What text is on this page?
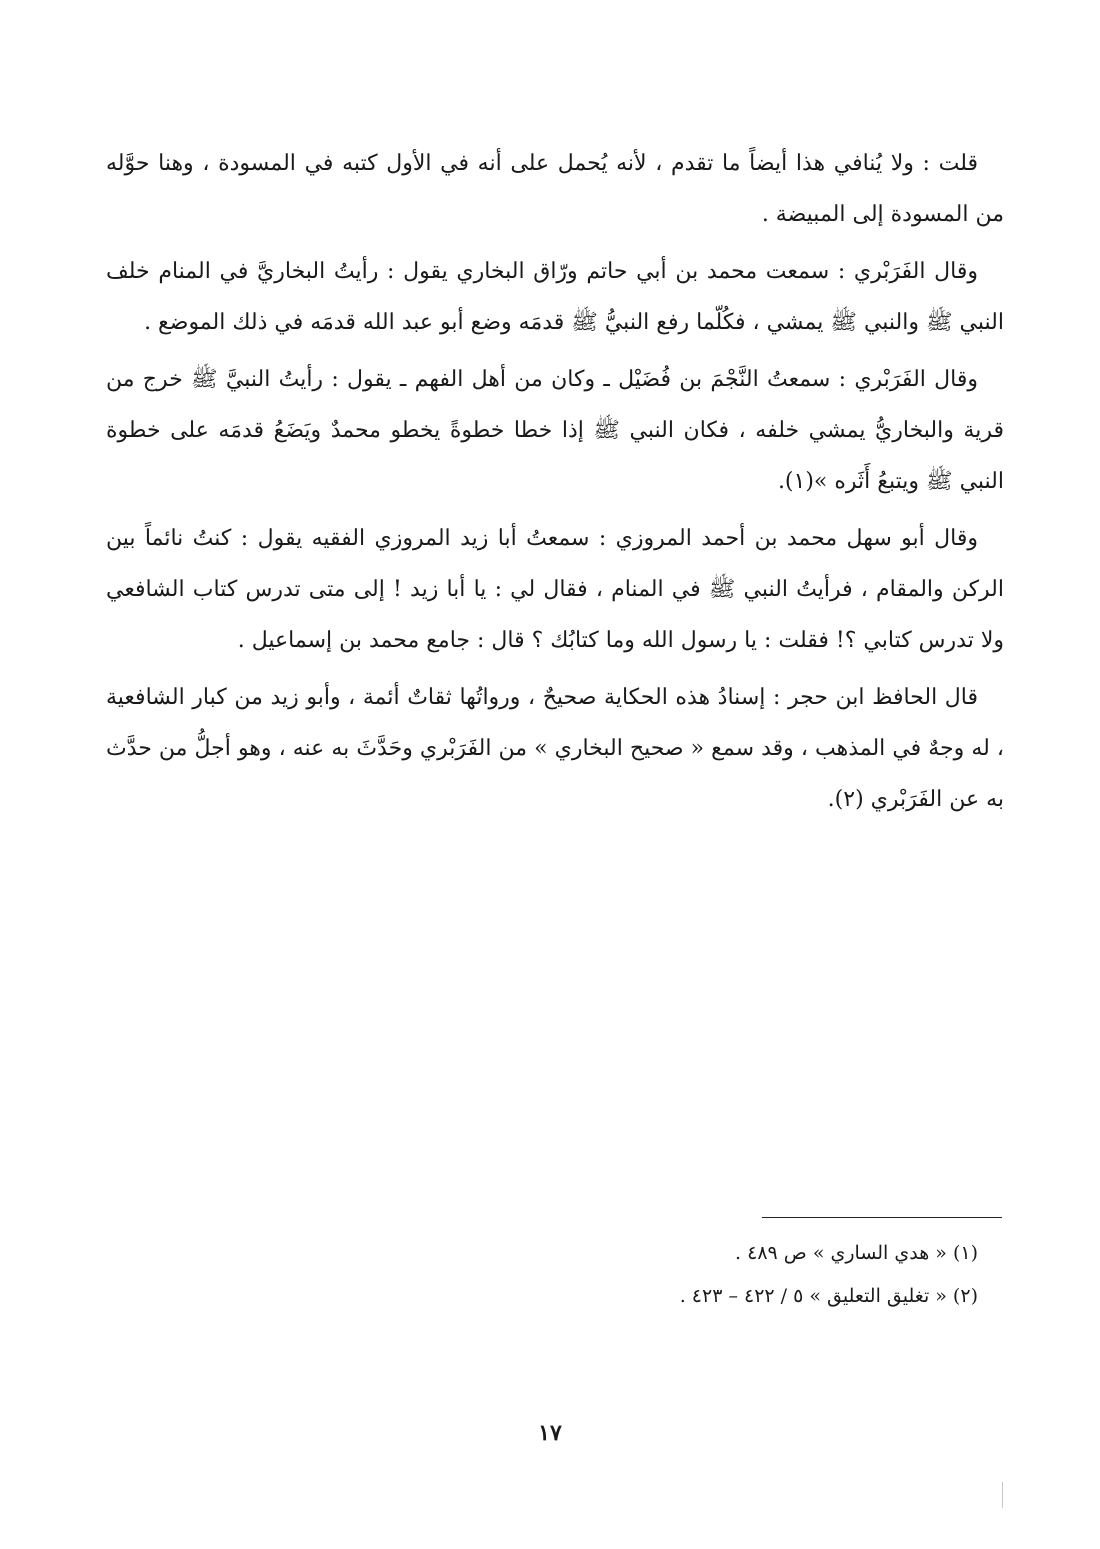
قلت : ولا يُنافي هذا أيضاً ما تقدم ، لأنه يُحمل على أنه في الأول كتبه في المسودة ، وهنا حوَّله من المسودة إلى المبيضة .

وقال الفَرَبْري : سمعت محمد بن أبي حاتم ورّاق البخاري يقول : رأيتُ البخاريَّ في المنام خلف النبي ﷺ والنبي ﷺ يمشي ، فكُلّما رفع النبيُّ ﷺ قدمَه وضع أبو عبد الله قدمَه في ذلك الموضع .

وقال الفَرَبْري : سمعتُ النَّجْمَ بن فُضَيْل ـ وكان من أهل الفهم ـ يقول : رأيتُ النبيَّ ﷺ خرج من قرية والبخاريُّ يمشي خلفه ، فكان النبي ﷺ إذا خطا خطوةً يخطو محمدٌ ويَضَعُ قدمَه على خطوة النبي ﷺ ويتبعُ أَثَره »(١).

وقال أبو سهل محمد بن أحمد المروزي : سمعتُ أبا زيد المروزي الفقيه يقول : كنتُ نائماً بين الركن والمقام ، فرأيتُ النبي ﷺ في المنام ، فقال لي : يا أبا زيد ! إلى متى تدرس كتاب الشافعي ولا تدرس كتابي ؟! فقلت : يا رسول الله وما كتابُك ؟ قال : جامع محمد بن إسماعيل .

قال الحافظ ابن حجر : إسنادُ هذه الحكاية صحيحٌ ، ورواتُها ثقاتٌ أئمة ، وأبو زيد من كبار الشافعية ، له وجهٌ في المذهب ، وقد سمع « صحيح البخاري » من الفَرَبْري وحَدَّثَ به عنه ، وهو أجلُّ من حدَّث به عن الفَرَبْري (٢).

(١) « هدي الساري » ص ٤٨٩ .

(٢) « تغليق التعليق » ٥ / ٤٢٢ – ٤٢٣ .

١٧
